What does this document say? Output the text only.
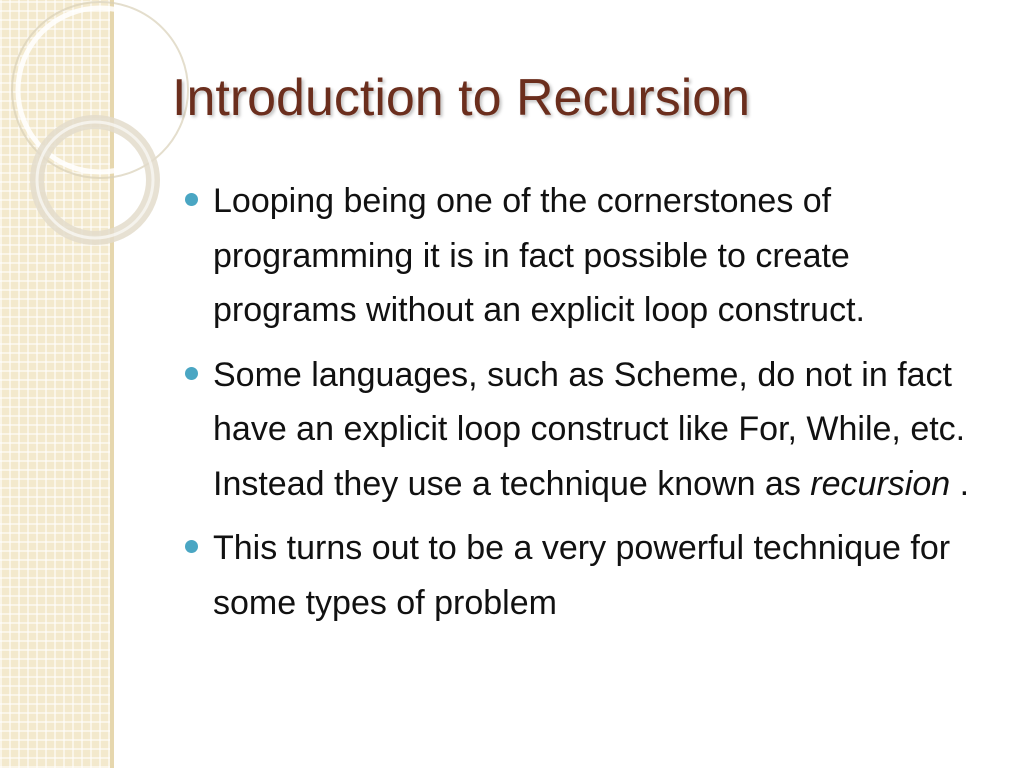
Introduction to Recursion
Looping being one of the cornerstones of programming it is in fact possible to create programs without an explicit loop construct.
Some languages, such as Scheme, do not in fact have an explicit loop construct like For, While, etc. Instead they use a technique known as recursion .
This turns out to be a very powerful technique for some types of problem
